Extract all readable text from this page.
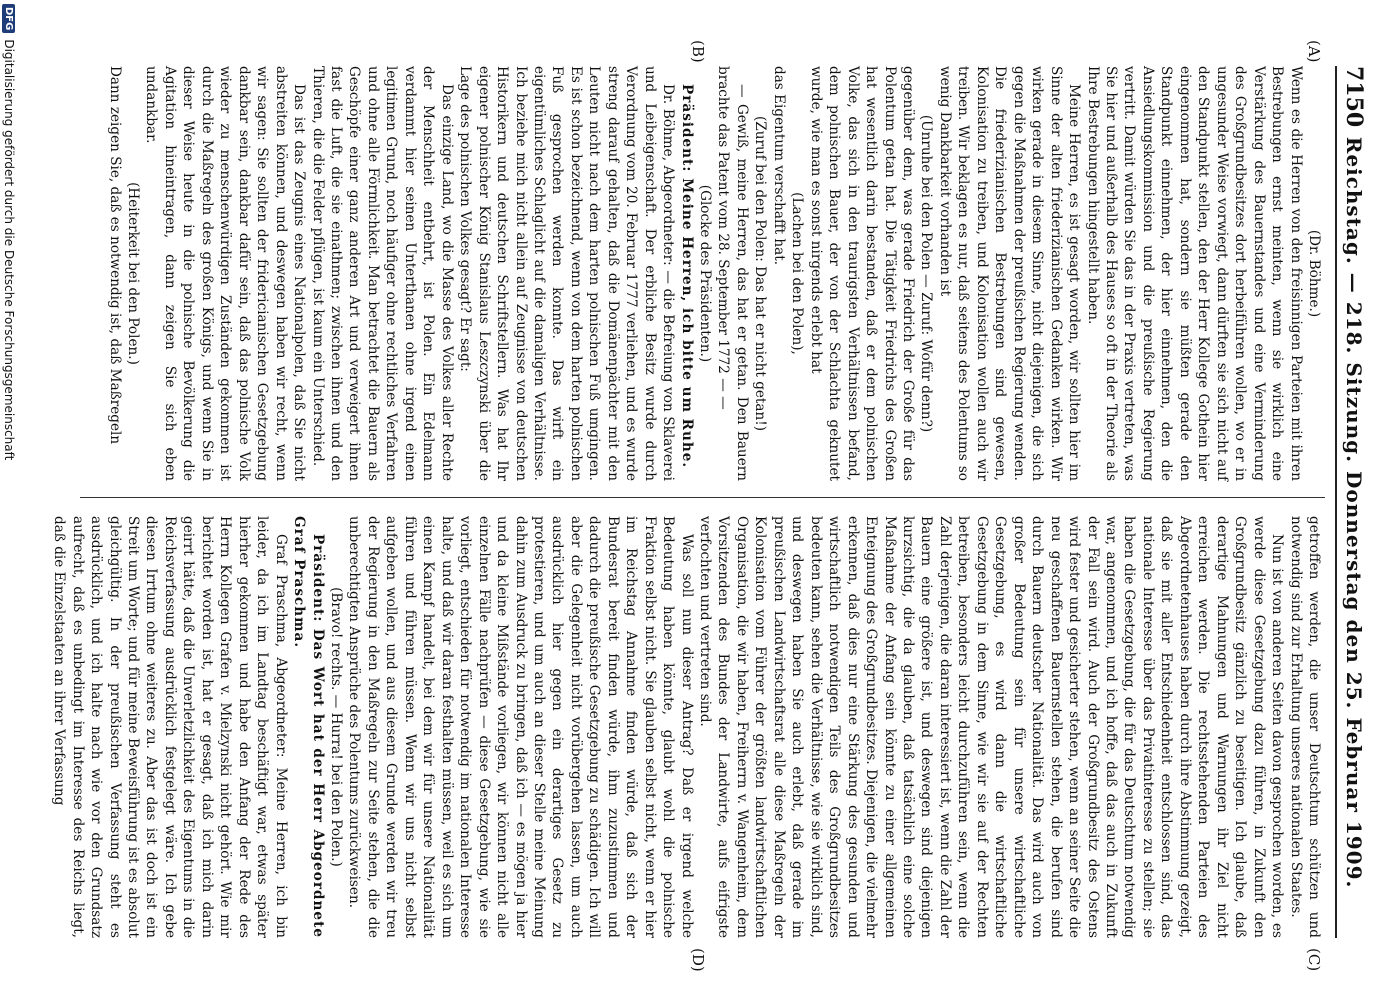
7150
Reichstag. — 218. Sitzung. Donnerstag den 25. Februar 1909.
(A)
(B)
(C)
(D)

(Dr. Böhme.)

Wenn es die Herren von den freisinnigen Parteien mit ihren Bestrebungen ernst meinten, wenn sie wirklich eine Verstärkung des Bauernstandes und eine Verminderung des Großgrundbesitzes dort herbeiführen wollen, wo er in ungesunder Weise vorwiegt, dann dürften sie sich nicht auf den Standpunkt stellen, den der Herr Kollege Gothein hier eingenommen hat, sondern sie müßten gerade den Standpunkt einnehmen, der hier einnehmen, den die Ansiedlungskommission und die preußische Regierung vertritt. Damit würden Sie das in der Praxis vertreten, was Sie hier und außerhalb des Hauses so oft in der Theorie als Ihre Bestrebungen hingestellt haben.

Meine Herren, es ist gesagt worden, wir sollten hier im Sinne der alten friederizianischen Gedanken wirken. Wir wirken gerade in diesem Sinne, nicht diejenigen, die sich gegen die Maßnahmen der preußischen Regierung wenden. Die friederizianischen Bestrebungen sind gewesen, Kolonisation zu treiben, und Kolonisation wollen auch wir treiben. Wir beklagen es nur, daß seitens des Polentums so wenig Dankbarkeit vorhanden ist

(Unruhe bei den Polen — Zuruf: Wofür denn?)

gegenüber dem, was gerade Friedrich der Große für das Polentum getan hat. Die Tätigkeit Friedrichs des Großen hat wesentlich darin bestanden, daß er dem polnischen Volke, das sich in den traurigsten Verhältnissen befand, dem polnischen Bauer, der von der Schlachta geknutet wurde, wie man es sonst nirgends erlebt hat

(Lachen bei den Polen),

das Eigentum verschafft hat.

(Zuruf bei den Polen: Das hat er nicht getan!)

— Gewiß, meine Herren, das hat er getan. Den Bauern brachte das Patent vom 28. September 1772 — —

(Glocke des Präsidenten.)

Präsident: Meine Herren, ich bitte um Ruhe.

Dr. Böhme, Abgeordneter: — die Befreiung von Sklaverei und Leibeigenschaft. Der erbliche Besitz wurde durch Verordnung vom 20. Februar 1777 verliehen, und es wurde streng darauf gehalten, daß die Domänenpächter mit den Leuten nicht nach dem harten polnischen Fuß umgingen. Es ist schon bezeichnend, wenn von dem harten polnischen Fuß gesprochen werden konnte. Das wirft ein eigentümliches Schlaglicht auf die damaligen Verhältnisse. Ich beziehe mich nicht allein auf Zeugnisse von deutschen Historikern und deutschen Schriftstellern. Was hat Ihr eigener polnischer König Stanislaus Leszczynski über die Lage des polnischen Volkes gesagt? Er sagt:

Das einzige Land, wo die Masse des Volkes aller Rechte der Menschheit entbehrt, ist Polen. Ein Edelmann verdammt hier seinen Unterthanen ohne irgend einen legitimen Grund, noch häufiger ohne rechtliches Verfahren und ohne alle Förmlichkeit. Man betrachtet die Bauern als Geschöpfe einer ganz anderen Art und verweigert ihnen fast die Luft, die sie einathmen; zwischen ihnen und den Thieren, die die Felder pflügen, ist kaum ein Unterschied.

Das ist das Zeugnis eines Nationalpolen, daß Sie nicht abstreiten können, und deswegen haben wir recht, wenn wir sagen: Sie sollten der fridericianischen Gesetzgebung dankbar sein, dankbar dafür sein, daß das polnische Volk wieder zu menschenwürdigen Zuständen gekommen ist durch die Maßregeln des großen Königs, und wenn Sie in dieser Weise heute in die polnische Bevölkerung die Agitation hineintragen, dann zeigen Sie sich eben undankbar.

(Heiterkeit bei den Polen.)

Dann zeigen Sie, daß es notwendig ist, daß Maßregeln

getroffen werden, die unser Deutschtum schützen und notwendig sind zur Erhaltung unseres nationalen Staates.

Nun ist von anderen Seiten davon gesprochen worden, es werde diese Gesetzgebung dazu führen, in Zukunft den Großgrundbesitz gänzlich zu beseitigen. Ich glaube, daß derartige Mahnungen und Warnungen ihr Ziel nicht erreichen werden. Die rechtsstehenden Parteien des Abgeordnetenhauses haben durch ihre Abstimmung gezeigt, daß sie mit aller Entschiedenheit entschlossen sind, das nationale Interesse über das Privatinteresse zu stellen; sie haben die Gesetzgebung, die für das Deutschtum notwendig war, angenommen, und ich hoffe, daß das auch in Zukunft der Fall sein wird. Auch der Großgrundbesitz des Ostens wird fester und gesicherter stehen, wenn an seiner Seite die neu geschaffenen Bauernstellen stehen, die berufen sind durch Bauern deutscher Nationalität. Das wird auch von großer Bedeutung sein für unsere wirtschaftliche Gesetzgebung, es wird dann die wirtschaftliche Gesetzgebung in dem Sinne, wie wir sie auf der Rechten betreiben, besonders leicht durchzuführen sein, wenn die Zahl derjenigen, die daran interessiert ist, wenn die Zahl der Bauern eine größere ist, und deswegen sind diejenigen kurzsichtig, die da glauben, daß tatsächlich eine solche Maßnahme der Anfang sein könnte zu einer allgemeinen Enteignung des Großgrundbesitzes. Diejenigen, die vielmehr erkennen, daß dies nur eine Stärkung des gesunden und wirtschaftlich notwendigen Teils des Großgrundbesitzes bedeuten kann, sehen die Verhältnisse, wie sie wirklich sind, und deswegen haben Sie auch erlebt, daß gerade im preußischen Landwirtschaftsrat alle diese Maßregeln der Kolonisation vom Führer der größten landwirtschaftlichen Organisation, die wir haben, Freiherrn v. Wangenheim, dem Vorsitzenden des Bundes der Landwirte, aufs eifrigste verfochten und vertreten sind.

Was soll nun dieser Antrag? Daß er irgend welche Bedeutung haben könnte, glaubt wohl die polnische Fraktion selbst nicht. Sie glauben selbst nicht, wenn er hier im Reichstag Annahme finden würde, daß sich der Bundesrat bereit finden würde, ihm zuzustimmen und dadurch die preußische Gesetzgebung zu schädigen. Ich will aber die Gelegenheit nicht vorübergehen lassen, um auch ausdrücklich hier gegen ein derartiges Gesetz zu protestieren, und um auch an dieser Stelle meine Meinung dahin zum Ausdruck zu bringen, daß ich — es mögen ja hier und da kleine Mißstände vorliegen, wir können nicht alle einzelnen Fälle nachprüfen — diese Gesetzgebung, wie sie vorliegt, entschieden für notwendig im nationalen Interesse halte, und daß wir daran festhalten müssen, weil es sich um einen Kampf handelt, bei dem wir für unsere Nationalität führen und führen müssen. Wenn wir uns nicht selbst aufgeben wollen, und aus diesem Grunde werden wir treu der Regierung in den Maßregeln zur Seite stehen, die die unberechtigten Ansprüche des Polentums zurückweisen.

(Bravo! rechts. — Hurra! bei den Polen.)

Präsident: Das Wort hat der Herr Abgeordnete Graf Praschma.

Graf Praschma, Abgeordneter: Meine Herren, ich bin leider, da ich im Landtag beschäftigt war, etwas später hierher gekommen und habe den Anfang der Rede des Herrn Kollegen Grafen v. Mielzynski nicht gehört. Wie mir berichtet worden ist, hat er gesagt, daß ich mich darin geirrt hätte, daß die Unverletzlichkeit des Eigentums in die Reichsverfassung ausdrücklich festgelegt wäre. Ich gebe diesen Irrtum ohne weiteres zu. Aber das ist doch ist ein Streit um Worte; und für meine Beweisführung ist es absolut gleichgültig. In der preußischen Verfassung steht es ausdrücklich, und ich halte nach wie vor den Grundsatz aufrecht, daß es unbedingt im Interesse des Reichs liegt, daß die Einzelstaaten an ihrer Verfassung

DFG
Digitalisierung gefördert durch die Deutsche Forschungsgemeinschaft
